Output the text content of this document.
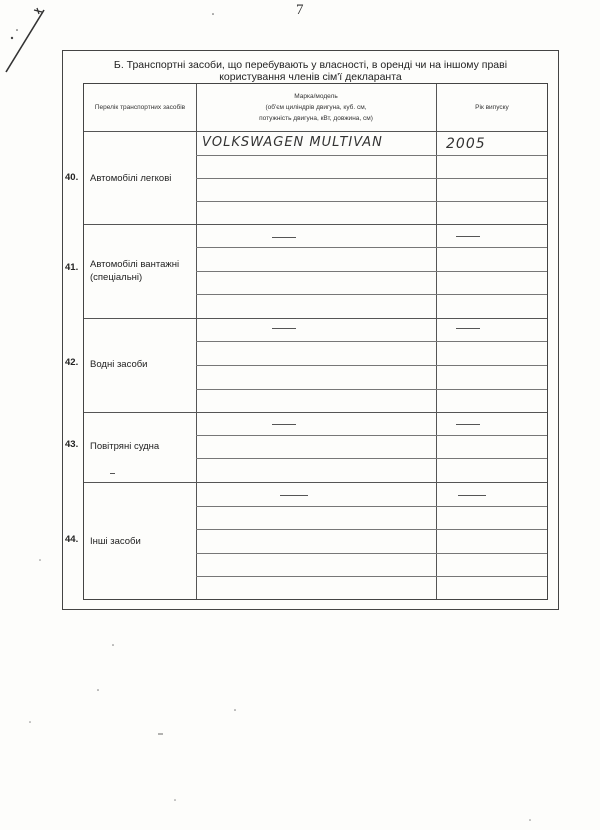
7
Б. Транспортні засоби, що перебувають у власності, в оренді чи на іншому праві
користування членів сім'ї декларанта
Перелік транспортних засобів
Марка/модель
(об'єм циліндрів двигуна, куб. см,
потужність двигуна, кВт, довжина, см)
Рік випуску
Автомобілі легкові
VOLKSWAGEN MULTIVAN	2005
Автомобілі вантажні
(спеціальні)
Водні засоби
Повітряні судна
Інші засоби
40.
41.
42.
43.
44.
